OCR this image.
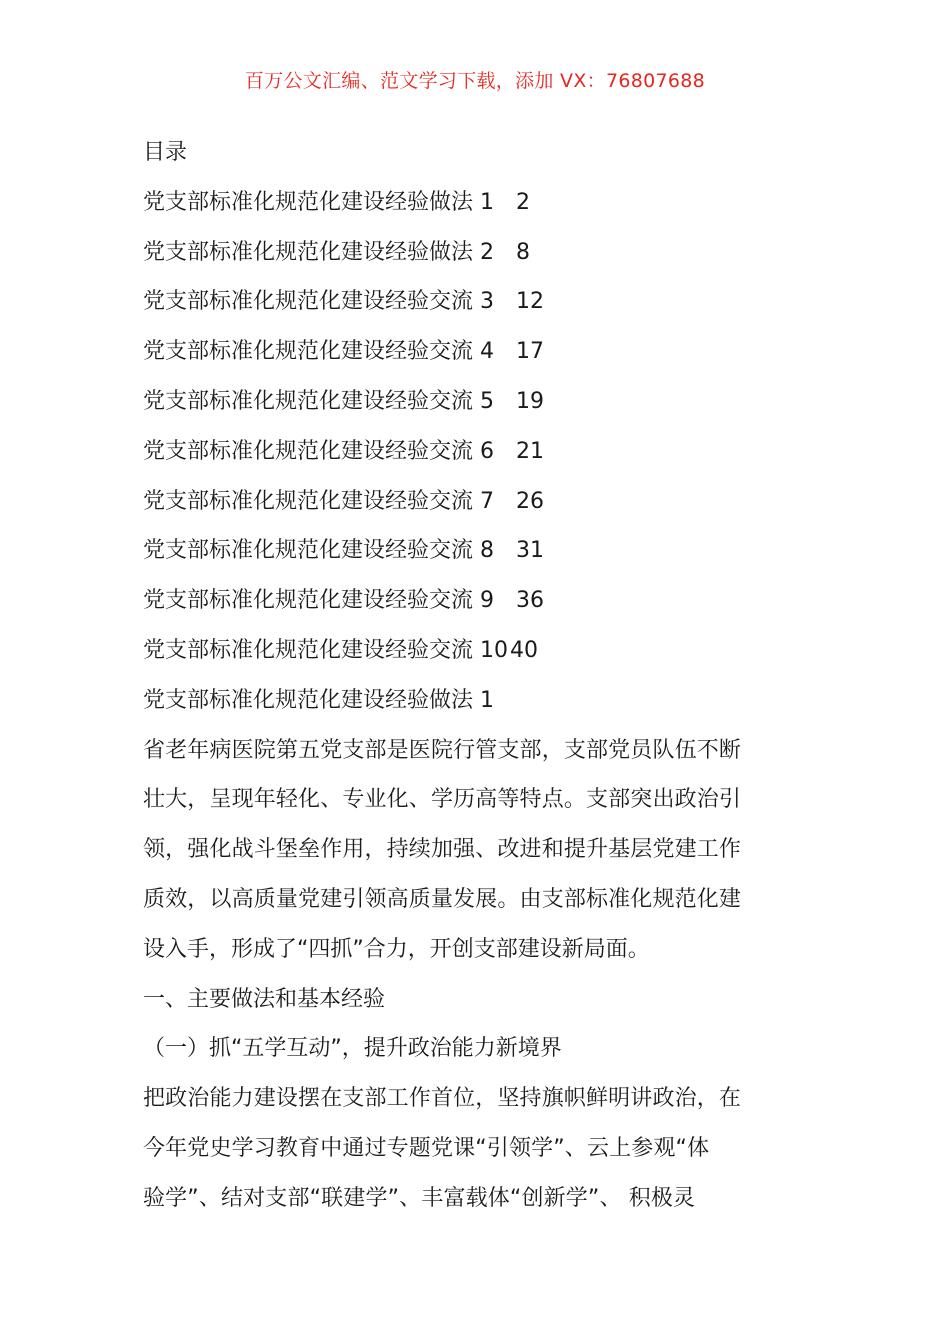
百万公文汇编、范文学习下载，添加 VX：76807688
目录
党支部标准化规范化建设经验做法 1 2
党支部标准化规范化建设经验做法 2 8
党支部标准化规范化建设经验交流 3 12
党支部标准化规范化建设经验交流 4 17
党支部标准化规范化建设经验交流 5 19
党支部标准化规范化建设经验交流 6 21
党支部标准化规范化建设经验交流 7 26
党支部标准化规范化建设经验交流 8 31
党支部标准化规范化建设经验交流 9 36
党支部标准化规范化建设经验交流 1040
党支部标准化规范化建设经验做法 1
省老年病医院第五党支部是医院行管支部，支部党员队伍不断
壮大，呈现年轻化、专业化、学历高等特点。支部突出政治引
领，强化战斗堡垒作用，持续加强、改进和提升基层党建工作
质效，以高质量党建引领高质量发展。由支部标准化规范化建
设入手，形成了“四抓”合力，开创支部建设新局面。
一、主要做法和基本经验
（一）抓“五学互动”，提升政治能力新境界
把政治能力建设摆在支部工作首位，坚持旗帜鲜明讲政治，在
今年党史学习教育中通过专题党课“引领学”、云上参观“体
验学”、结对支部“联建学”、丰富载体“创新学”、 积极灵
